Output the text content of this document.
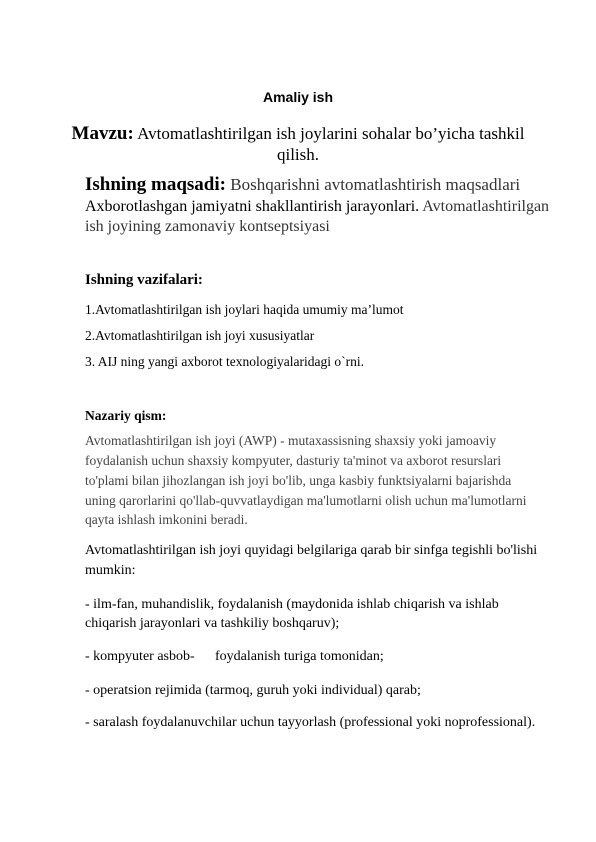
Amaliy ish
Mavzu: Avtomatlashtirilgan ish joylarini sohalar bo’yicha tashkil
qilish.
Ishning maqsadi: Boshqarishni avtomatlashtirish maqsadlari
Axborotlashgan jamiyatni shakllantirish jarayonlari. Avtomatlashtirilgan
ish joyining zamonaviy kontseptsiyasi
Ishning vazifalari:
1.Avtomatlashtirilgan ish joylari haqida umumiy ma’lumot
2.Avtomatlashtirilgan ish joyi xususiyatlar
3. AIJ ning yangi axborot texnologiyalaridagi o`rni.
Nazariy qism:
Avtomatlashtirilgan ish joyi (AWP) - mutaxassisning shaxsiy yoki jamoaviy
foydalanish uchun shaxsiy kompyuter, dasturiy ta'minot va axborot resurslari
to'plami bilan jihozlangan ish joyi bo'lib, unga kasbiy funktsiyalarni bajarishda
uning qarorlarini qo'llab-quvvatlaydigan ma'lumotlarni olish uchun ma'lumotlarni
qayta ishlash imkonini beradi.
Avtomatlashtirilgan ish joyi quyidagi belgilariga qarab bir sinfga tegishli bo'lishi
mumkin:
- ilm-fan, muhandislik, foydalanish (maydonida ishlab chiqarish va ishlab
chiqarish jarayonlari va tashkiliy boshqaruv);
- kompyuter asbob- foydalanish turiga tomonidan;
- operatsion rejimida (tarmoq, guruh yoki individual) qarab;
- saralash foydalanuvchilar uchun tayyorlash (professional yoki noprofessional).
